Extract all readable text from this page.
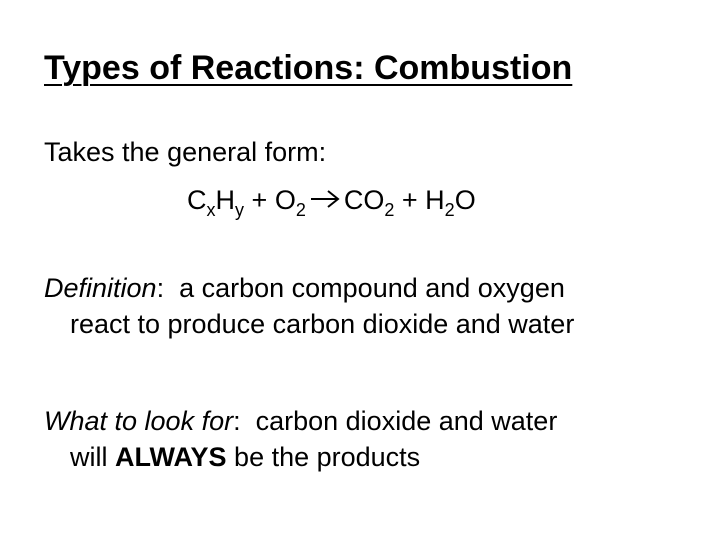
Types of Reactions: Combustion
Takes the general form:
$C_xH_y + O_2$ $CO_2 + H_2O$
Definition:  a carbon compound and oxygen
react to produce carbon dioxide and water
What to look for:  carbon dioxide and water
will ALWAYS be the products
